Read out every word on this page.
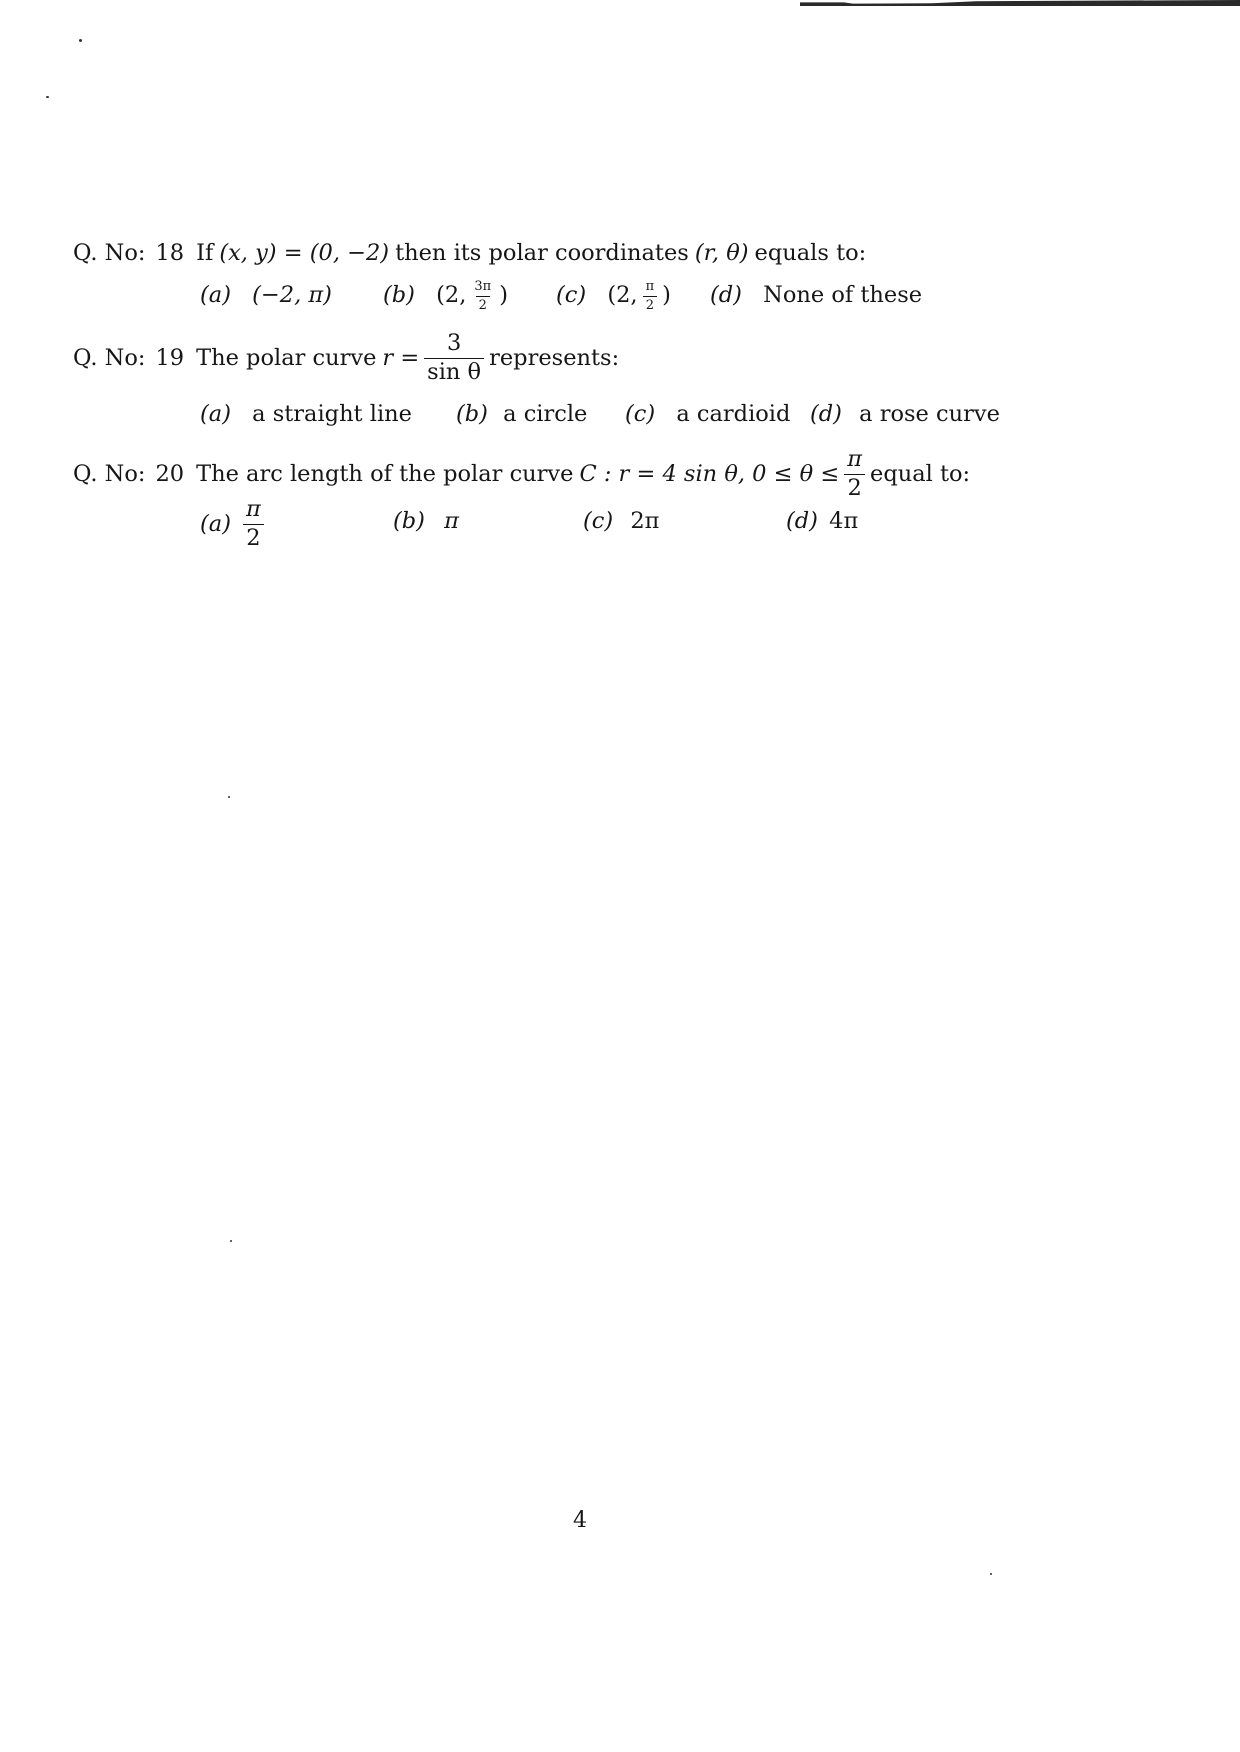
Q. No: 18 If (x, y) = (0, −2) then its polar coordinates (r, θ) equals to:
(a) (−2, π) (b) (2, $\frac{3\pi}{2}$ ) (c) (2, $\frac{\pi}{2}$ ) (d) None of these
Q. No: 19 The polar curve $r = \frac{3}{\text{sin θ}}$ represents:
(a) a straight line (b) a circle (c) a cardioid (d) a rose curve
Q. No: 20 The arc length of the polar curve C : r = 4 sin θ, $0 \le \theta \le \frac{\pi}{2}$ equal to:
$(a) \frac{\pi}{2}$	(b) π	(c) 2π	(d) 4π
4
